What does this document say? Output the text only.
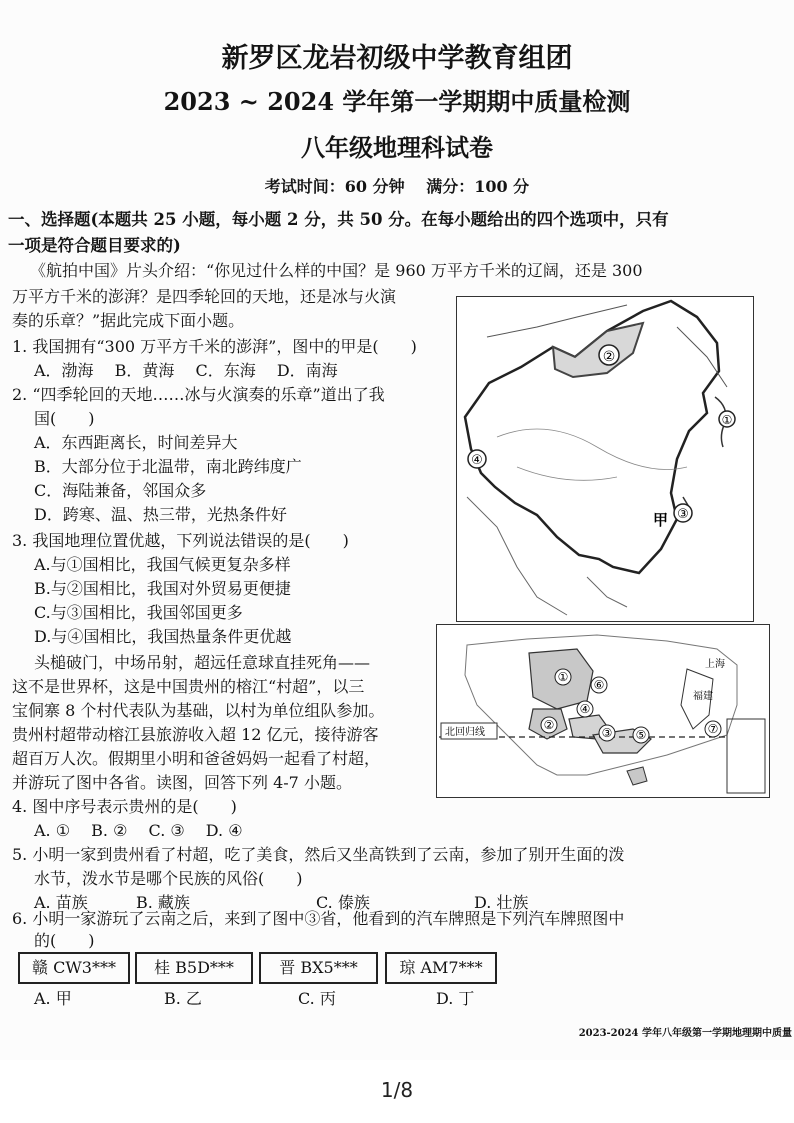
新罗区龙岩初级中学教育组团
2023 ~ 2024 学年第一学期期中质量检测
八年级地理科试卷
考试时间：60 分钟　 满分：100 分
一、选择题(本题共 25 小题，每小题 2 分，共 50 分。在每小题给出的四个选项中，只有
一项是符合题目要求的)
《航拍中国》片头介绍：“你见过什么样的中国？是 960 万平方千米的辽阔，还是 300
万平方千米的澎湃？是四季轮回的天地，还是冰与火演
奏的乐章？”据此完成下面小题。
1. 我国拥有“300 万平方千米的澎湃”，图中的甲是(　　)
A．渤海　 B．黄海　 C．东海　 D．南海
2. “四季轮回的天地……冰与火演奏的乐章”道出了我
国(　　)
A．东西距离长，时间差异大
B．大部分位于北温带，南北跨纬度广
C．海陆兼备，邻国众多
D．跨寒、温、热三带，光热条件好
3. 我国地理位置优越，下列说法错误的是(　　)
A.与①国相比，我国气候更复杂多样
B.与②国相比，我国对外贸易更便捷
C.与③国相比，我国邻国更多
D.与④国相比，我国热量条件更优越
头槌破门，中场吊射，超远任意球直挂死角——
这不是世界杯，这是中国贵州的榕江“村超”，以三
宝侗寨 8 个村代表队为基础，以村为单位组队参加。
贵州村超带动榕江县旅游收入超 12 亿元，接待游客
超百万人次。假期里小明和爸爸妈妈一起看了村超，
并游玩了图中各省。读图，回答下列 4-7 小题。
4. 图中序号表示贵州的是(　　)
A. ①　 B. ②　 C. ③　 D. ④
5. 小明一家到贵州看了村超，吃了美食，然后又坐高铁到了云南，参加了别开生面的泼
水节，泼水节是哪个民族的风俗(　　)
A. 苗族	B. 藏族	C. 傣族	D. 壮族
6. 小明一家游玩了云南之后，来到了图中③省，他看到的汽车牌照是下列汽车牌照图中
的(　　)
赣 CW3***	桂 B5D***	晋 BX5***	琼 AM7***
A. 甲	B. 乙	C. 丙	D. 丁
②
①
④
③
甲
北回归线
上海
福建
①
②
③
④
⑤
⑥
⑦
2023-2024 学年八年级第一学期地理期中质量
1/8
